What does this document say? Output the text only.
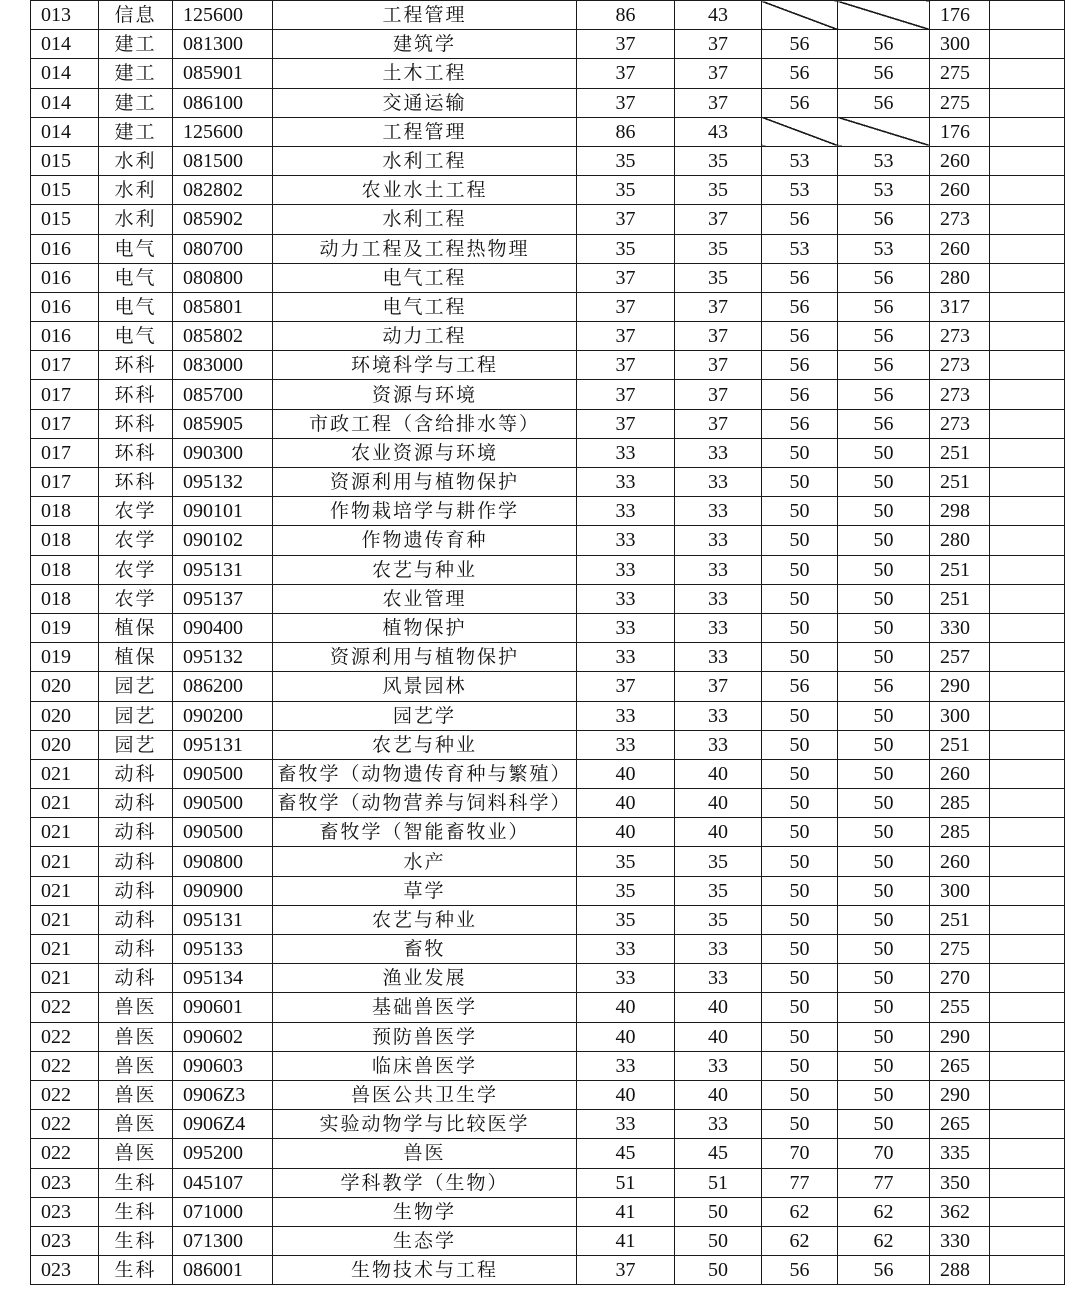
013	信息	125600	工程管理	86	43			176	
014	建工	081300	建筑学	37	37	56	56	300	
014	建工	085901	土木工程	37	37	56	56	275	
014	建工	086100	交通运输	37	37	56	56	275	
014	建工	125600	工程管理	86	43			176	
015	水利	081500	水利工程	35	35	53	53	260	
015	水利	082802	农业水土工程	35	35	53	53	260	
015	水利	085902	水利工程	37	37	56	56	273	
016	电气	080700	动力工程及工程热物理	35	35	53	53	260	
016	电气	080800	电气工程	37	35	56	56	280	
016	电气	085801	电气工程	37	37	56	56	317	
016	电气	085802	动力工程	37	37	56	56	273	
017	环科	083000	环境科学与工程	37	37	56	56	273	
017	环科	085700	资源与环境	37	37	56	56	273	
017	环科	085905	市政工程（含给排水等）	37	37	56	56	273	
017	环科	090300	农业资源与环境	33	33	50	50	251	
017	环科	095132	资源利用与植物保护	33	33	50	50	251	
018	农学	090101	作物栽培学与耕作学	33	33	50	50	298	
018	农学	090102	作物遗传育种	33	33	50	50	280	
018	农学	095131	农艺与种业	33	33	50	50	251	
018	农学	095137	农业管理	33	33	50	50	251	
019	植保	090400	植物保护	33	33	50	50	330	
019	植保	095132	资源利用与植物保护	33	33	50	50	257	
020	园艺	086200	风景园林	37	37	56	56	290	
020	园艺	090200	园艺学	33	33	50	50	300	
020	园艺	095131	农艺与种业	33	33	50	50	251	
021	动科	090500	畜牧学（动物遗传育种与繁殖）	40	40	50	50	260	
021	动科	090500	畜牧学（动物营养与饲料科学）	40	40	50	50	285	
021	动科	090500	畜牧学（智能畜牧业）	40	40	50	50	285	
021	动科	090800	水产	35	35	50	50	260	
021	动科	090900	草学	35	35	50	50	300	
021	动科	095131	农艺与种业	35	35	50	50	251	
021	动科	095133	畜牧	33	33	50	50	275	
021	动科	095134	渔业发展	33	33	50	50	270	
022	兽医	090601	基础兽医学	40	40	50	50	255	
022	兽医	090602	预防兽医学	40	40	50	50	290	
022	兽医	090603	临床兽医学	33	33	50	50	265	
022	兽医	0906Z3	兽医公共卫生学	40	40	50	50	290	
022	兽医	0906Z4	实验动物学与比较医学	33	33	50	50	265	
022	兽医	095200	兽医	45	45	70	70	335	
023	生科	045107	学科教学（生物）	51	51	77	77	350	
023	生科	071000	生物学	41	50	62	62	362	
023	生科	071300	生态学	41	50	62	62	330	
023	生科	086001	生物技术与工程	37	50	56	56	288	
